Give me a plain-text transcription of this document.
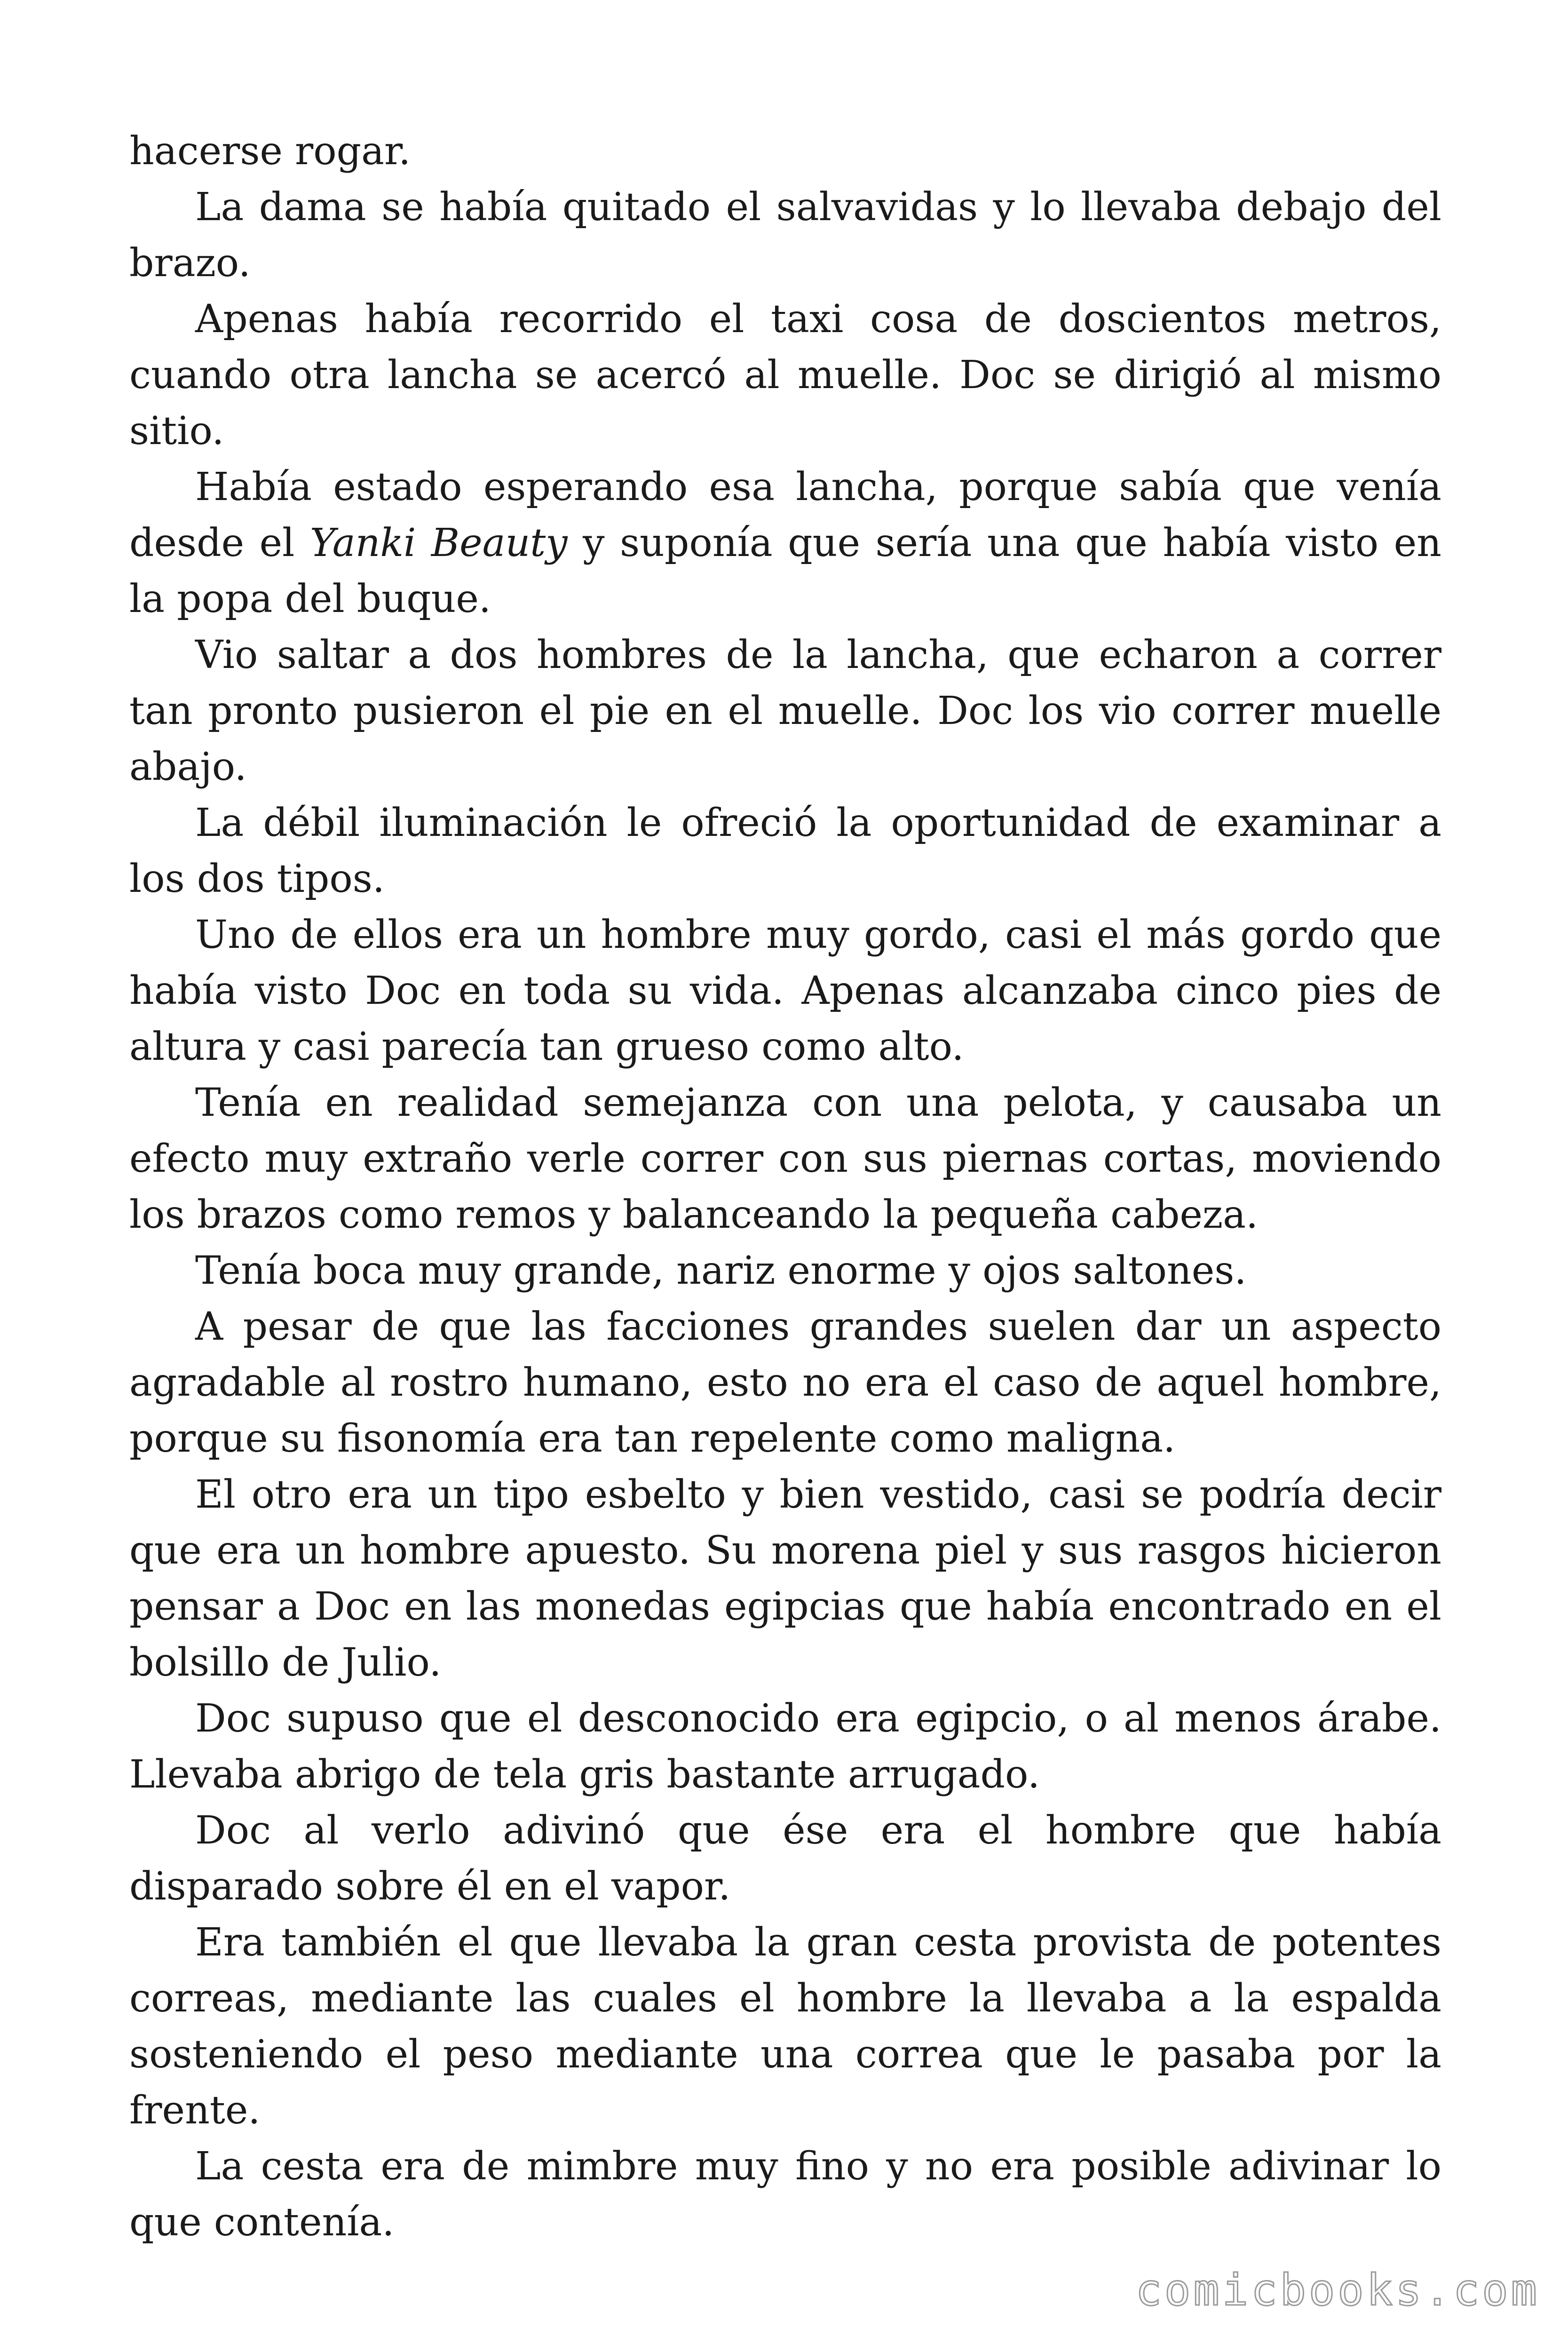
hacerse rogar.

La dama se había quitado el salvavidas y lo llevaba debajo del brazo.

Apenas había recorrido el taxi cosa de doscientos metros, cuando otra lancha se acercó al muelle. Doc se dirigió al mismo sitio.

Había estado esperando esa lancha, porque sabía que venía desde el Yanki Beauty y suponía que sería una que había visto en la popa del buque.

Vio saltar a dos hombres de la lancha, que echaron a correr tan pronto pusieron el pie en el muelle. Doc los vio correr muelle abajo.

La débil iluminación le ofreció la oportunidad de examinar a los dos tipos.

Uno de ellos era un hombre muy gordo, casi el más gordo que había visto Doc en toda su vida. Apenas alcanzaba cinco pies de altura y casi parecía tan grueso como alto.

Tenía en realidad semejanza con una pelota, y causaba un efecto muy extraño verle correr con sus piernas cortas, moviendo los brazos como remos y balanceando la pequeña cabeza.

Tenía boca muy grande, nariz enorme y ojos saltones.

A pesar de que las facciones grandes suelen dar un aspecto agradable al rostro humano, esto no era el caso de aquel hombre, porque su fisonomía era tan repelente como maligna.

El otro era un tipo esbelto y bien vestido, casi se podría decir que era un hombre apuesto. Su morena piel y sus rasgos hicieron pensar a Doc en las monedas egipcias que había encontrado en el bolsillo de Julio.

Doc supuso que el desconocido era egipcio, o al menos árabe. Llevaba abrigo de tela gris bastante arrugado.

Doc al verlo adivinó que ése era el hombre que había disparado sobre él en el vapor.

Era también el que llevaba la gran cesta provista de potentes correas, mediante las cuales el hombre la llevaba a la espalda sosteniendo el peso mediante una correa que le pasaba por la frente.

La cesta era de mimbre muy fino y no era posible adivinar lo que contenía.

comicbooks.com
